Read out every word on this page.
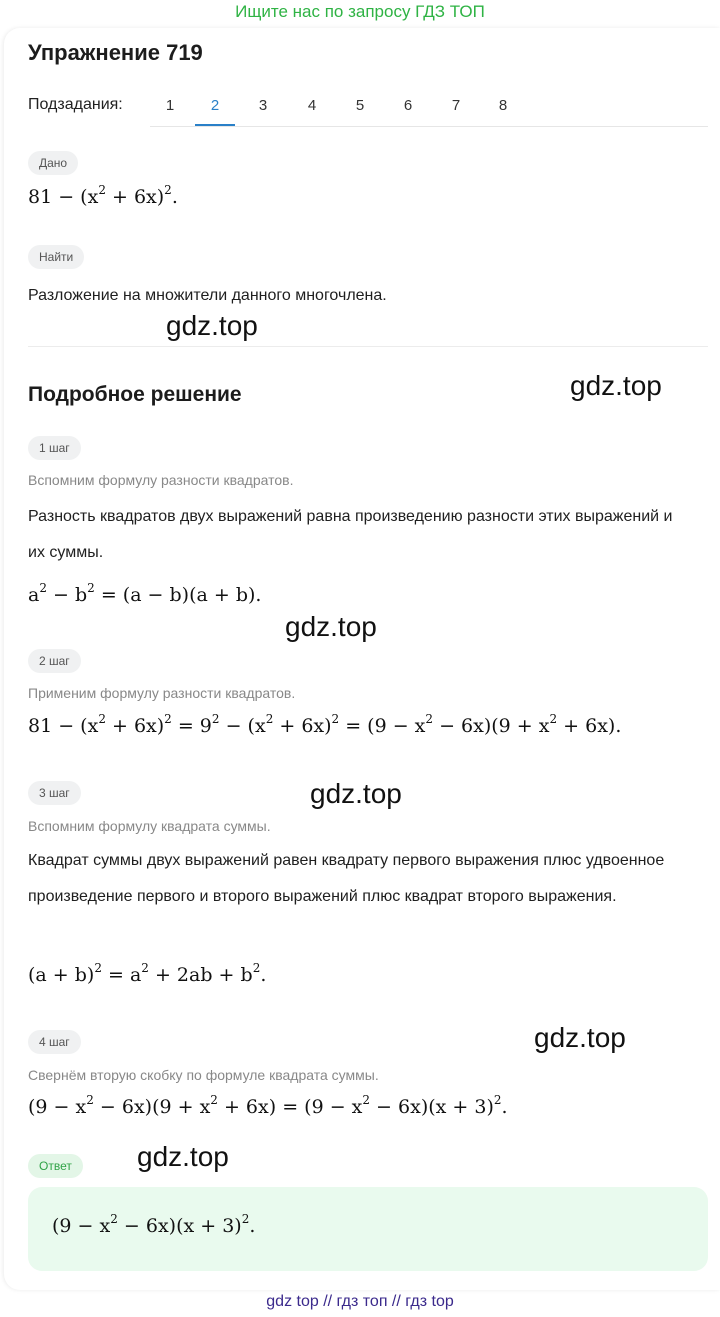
Ищите нас по запросу ГДЗ ТОП
Упражнение 719
Подзадания:	1	2	3	4	5	6	7	8
Дано
$81 - (x^2 + 6x)^2$.
Найти
Разложение на множители данного многочлена.
gdz.top
Подробное решение	gdz.top
1 шаг
Вспомним формулу разности квадратов.
Разность квадратов двух выражений равна произведению разности этих выражений и их суммы.
$a^2 - b^2 = (a - b)(a + b)$.
gdz.top
2 шаг
Применим формулу разности квадратов.
$81 - (x^2 + 6x)^2 = 9^2 - (x^2 + 6x)^2 = (9 - x^2 - 6x)(9 + x^2 + 6x)$.
gdz.top
3 шаг
Вспомним формулу квадрата суммы.
Квадрат суммы двух выражений равен квадрату первого выражения плюс удвоенное произведение первого и второго выражений плюс квадрат второго выражения.
$(a + b)^2 = a^2 + 2ab + b^2$.
4 шаг	gdz.top
Свернём вторую скобку по формуле квадрата суммы.
$(9 - x^2 - 6x)(9 + x^2 + 6x) = (9 - x^2 - 6x)(x + 3)^2$.
Ответ	gdz.top
$(9 - x^2 - 6x)(x + 3)^2$.
gdz top // гдз топ // гдз top
